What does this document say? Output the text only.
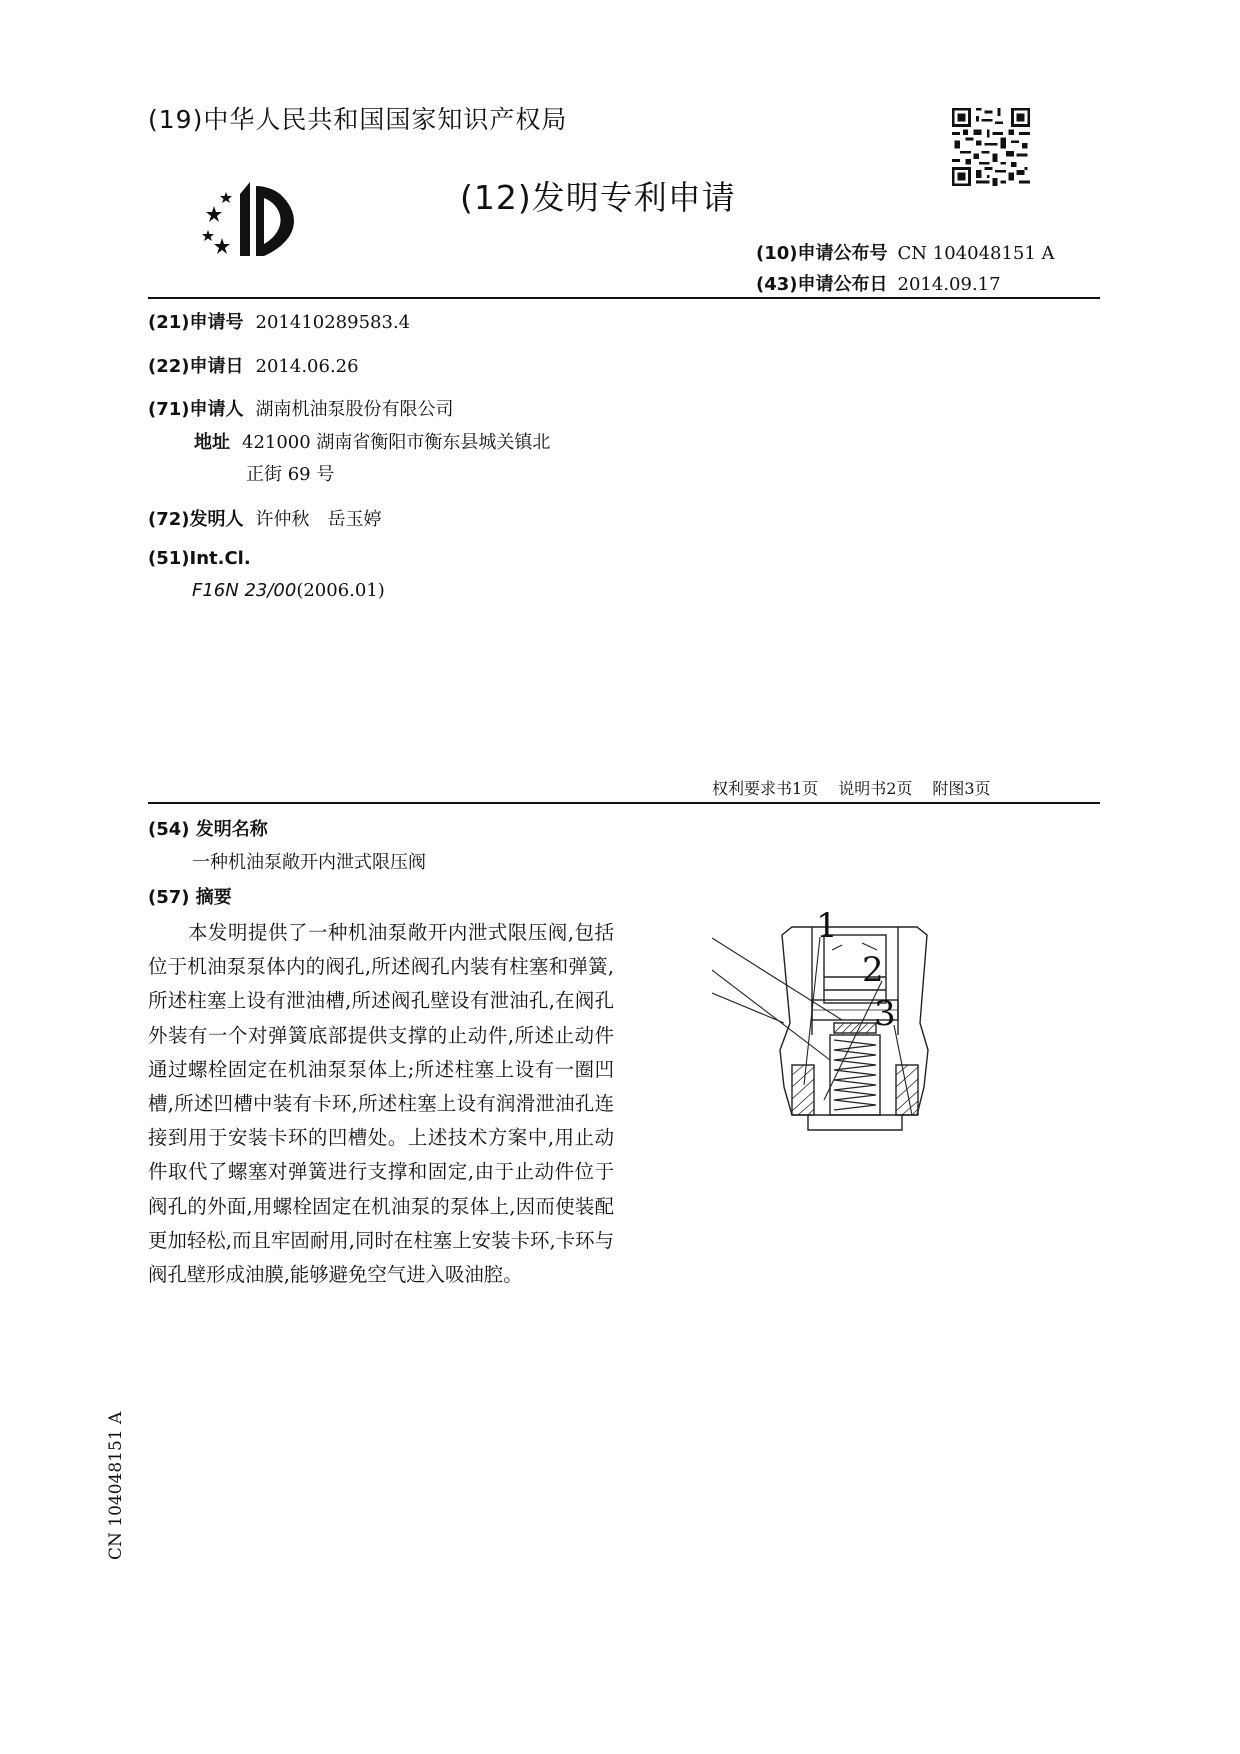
(19)中华人民共和国国家知识产权局
(12)发明专利申请
(10)申请公布号 CN 104048151 A
(43)申请公布日 2014.09.17
(21)申请号 201410289583.4
(22)申请日 2014.06.26
(71)申请人 湖南机油泵股份有限公司
地址 421000 湖南省衡阳市衡东县城关镇北
正街 69 号
(72)发明人 许仲秋　岳玉婷
(51)Int.Cl.
F16N 23/00(2006.01)
权利要求书1页 说明书2页 附图3页
(54) 发明名称
一种机油泵敞开内泄式限压阀
(57) 摘要
本发明提供了一种机油泵敞开内泄式限压阀,包括位于机油泵泵体内的阀孔,所述阀孔内装有柱塞和弹簧,所述柱塞上设有泄油槽,所述阀孔壁设有泄油孔,在阀孔外装有一个对弹簧底部提供支撑的止动件,所述止动件通过螺栓固定在机油泵泵体上;所述柱塞上设有一圈凹槽,所述凹槽中装有卡环,所述柱塞上设有润滑泄油孔连接到用于安装卡环的凹槽处。上述技术方案中,用止动件取代了螺塞对弹簧进行支撑和固定,由于止动件位于阀孔的外面,用螺栓固定在机油泵的泵体上,因而使装配更加轻松,而且牢固耐用,同时在柱塞上安装卡环,卡环与阀孔壁形成油膜,能够避免空气进入吸油腔。
1
2
3
CN 104048151 A
